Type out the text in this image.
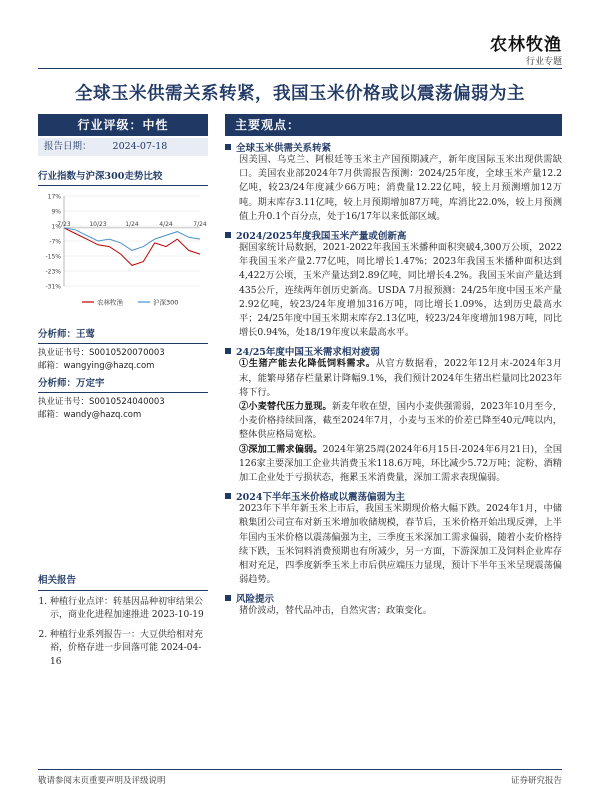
农林牧渔
行业专题
全球玉米供需关系转紧，我国玉米价格或以震荡偏弱为主
行业评级：中性
报告日期： 2024-07-18
行业指数与沪深300走势比较
17%
9%
1%
-7%
-15%
-23%
-31%
7/23	10/23	1/24	4/24	7/24
农林牧渔	沪深300
分析师：王莺
执业证书号：S0010520070003
邮箱：wangying@hazq.com
分析师：万定宇
执业证书号：S0010524040003
邮箱：wandy@hazq.com
相关报告
1. 种植行业点评：转基因品种初审结果公示，商业化进程加速推进 2023-10-19
2. 种植行业系列报告一：大豆供给相对充裕，价格存进一步回落可能 2024-04-16
主要观点：
全球玉米供需关系转紧
因美国、乌克兰、阿根廷等玉米主产国预期减产，新年度国际玉米出现供需缺口。美国农业部2024年7月供需报告预测：2024/25年度，全球玉米产量12.2亿吨，较23/24年度减少66万吨；消费量12.22亿吨，较上月预测增加12万吨。期末库存3.11亿吨，较上月预期增加87万吨，库消比22.0%，较上月预测值上升0.1个百分点，处于16/17年以来低部区域。
2024/2025年度我国玉米产量或创新高
据国家统计局数据，2021-2022年我国玉米播种面积突破4,300万公顷，2022年我国玉米产量2.77亿吨，同比增长1.47%；2023年我国玉米播种面积达到4,422万公顷，玉米产量达到2.89亿吨，同比增长4.2%。我国玉米亩产量达到435公斤，连续两年创历史新高。USDA 7月报预测：24/25年度中国玉米产量2.92亿吨，较23/24年度增加316万吨，同比增长1.09%，达到历史最高水平；24/25年度中国玉米期末库存2.13亿吨，较23/24年度增加198万吨，同比增长0.94%，处18/19年度以来最高水平。
24/25年度中国玉米需求相对疲弱
①生猪产能去化降低饲料需求。从官方数据看，2022年12月末-2024年3月末，能繁母猪存栏量累计降幅9.1%，我们预计2024年生猪出栏量同比2023年将下行。
②小麦替代压力显现。新麦年收在望，国内小麦供强需弱，2023年10月至今，小麦价格持续回落，截至2024年7月，小麦与玉米的价差已降至40元/吨以内，整体供应格局宽松。
③深加工需求偏弱。2024年第25周(2024年6月15日-2024年6月21日)，全国126家主要深加工企业共消费玉米118.6万吨，环比减少5.72万吨；淀粉、酒精加工企业处于亏损状态，拖累玉米消费量，深加工需求表现偏弱。
2024下半年玉米价格或以震荡偏弱为主
2023年下半年新玉米上市后，我国玉米期现价格大幅下跌。2024年1月，中储粮集团公司宣布对新玉米增加收储规模，春节后，玉米价格开始出现反弹，上半年国内玉米价格以震荡偏强为主，三季度玉米深加工需求偏弱，随着小麦价格持续下跌，玉米饲料消费预期也有所减少，另一方面，下游深加工及饲料企业库存相对充足，四季度新季玉米上市后供应端压力显现，预计下半年玉米呈现震荡偏弱趋势。
风险提示
猪价波动，替代品冲击，自然灾害；政策变化。
敬请参阅末页重要声明及评级说明	证券研究报告
